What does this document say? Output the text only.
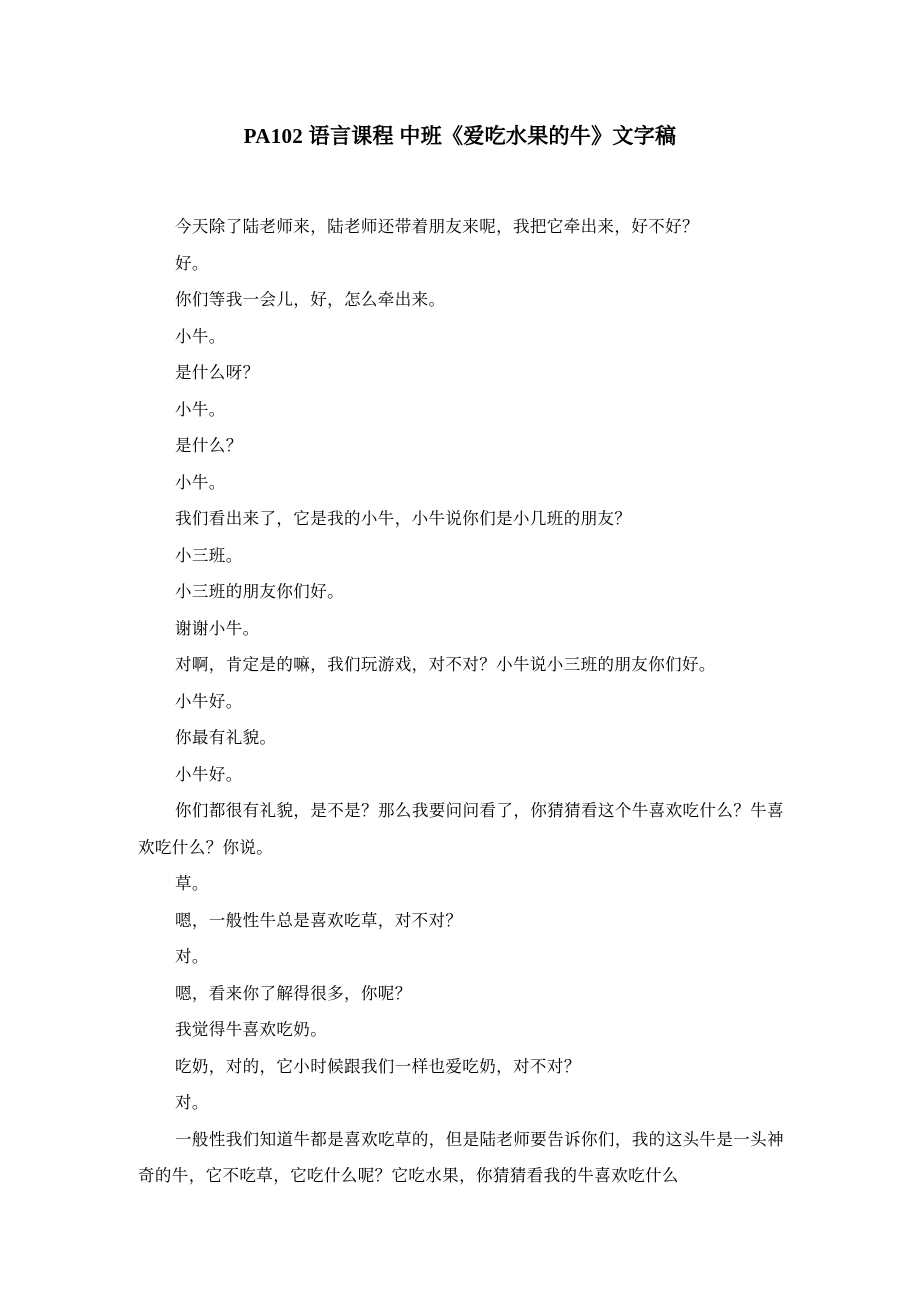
PA102 语言课程 中班《爱吃水果的牛》文字稿

今天除了陆老师来，陆老师还带着朋友来呢，我把它牵出来，好不好？

好。

你们等我一会儿，好，怎么牵出来。

小牛。

是什么呀？

小牛。

是什么？

小牛。

我们看出来了，它是我的小牛，小牛说你们是小几班的朋友？

小三班。

小三班的朋友你们好。

谢谢小牛。

对啊，肯定是的嘛，我们玩游戏，对不对？小牛说小三班的朋友你们好。

小牛好。

你最有礼貌。

小牛好。

你们都很有礼貌，是不是？那么我要问问看了，你猜猜看这个牛喜欢吃什么？牛喜欢吃什么？你说。

草。

嗯，一般性牛总是喜欢吃草，对不对？

对。

嗯，看来你了解得很多，你呢？

我觉得牛喜欢吃奶。

吃奶，对的，它小时候跟我们一样也爱吃奶，对不对？

对。

一般性我们知道牛都是喜欢吃草的，但是陆老师要告诉你们，我的这头牛是一头神奇的牛，它不吃草，它吃什么呢？它吃水果，你猜猜看我的牛喜欢吃什么
